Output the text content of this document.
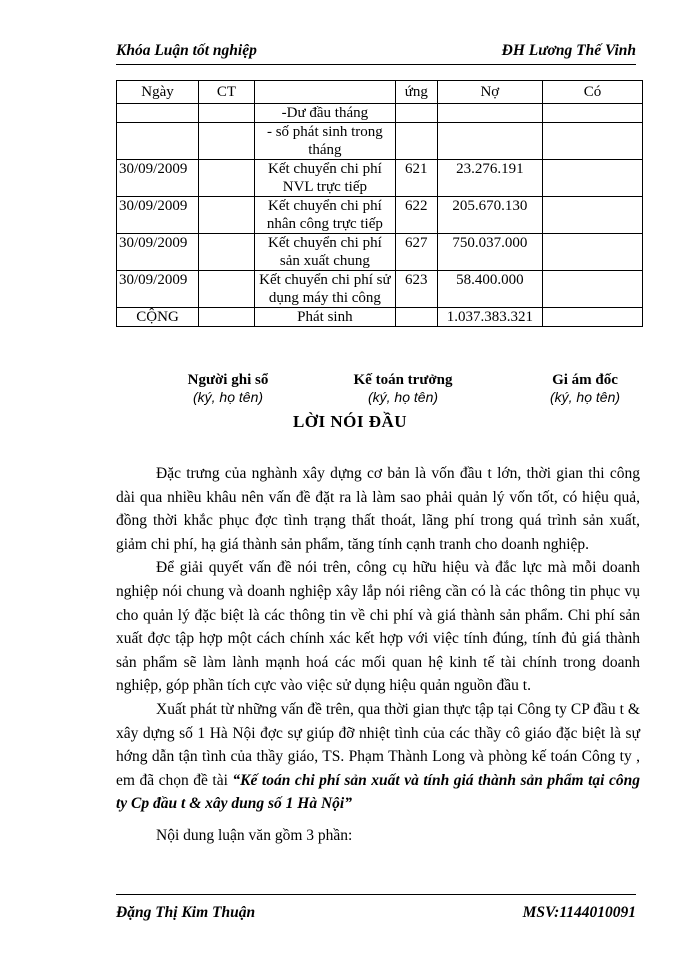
Khóa Luận tốt nghiệp	ĐH Lương Thế Vinh
Ngày	CT		ứng	Nợ	Có
		-Dư đầu tháng			
		- số phát sinh trong tháng			
30/09/2009		Kết chuyển chi phí NVL trực tiếp	621	23.276.191	
30/09/2009		Kết chuyển chi phí nhân công trực tiếp	622	205.670.130	
30/09/2009		Kết chuyển chi phí sản xuất chung	627	750.037.000	
30/09/2009		Kết chuyển chi phí sử dụng máy thi công	623	58.400.000	
CỘNG		Phát sinh		1.037.383.321	
Người ghi sổ
(ký, họ tên)
Kế toán trưởng
(ký, họ tên)
Gi ám đốc
(ký, họ tên)
LỜI NÓI ĐẦU

Đặc trưng của nghành xây dựng cơ bản là vốn đầu t lớn, thời gian thi công dài qua nhiều khâu nên vấn đề đặt ra là làm sao phải quản lý vốn tốt, có hiệu quả, đồng thời khắc phục đợc tình trạng thất thoát, lãng phí trong quá trình sản xuất, giảm chi phí, hạ giá thành sản phẩm, tăng tính cạnh tranh cho doanh nghiệp.

Để giải quyết vấn đề nói trên, công cụ hữu hiệu và đắc lực mà mỗi doanh nghiệp nói chung và doanh nghiệp xây lắp nói riêng cần có là các thông tin phục vụ cho quản lý đặc biệt là các thông tin về chi phí và giá thành sản phẩm. Chi phí sản xuất đợc tập hợp một cách chính xác kết hợp với việc tính đúng, tính đủ giá thành sản phẩm sẽ làm lành mạnh hoá các mối quan hệ kinh tế tài chính trong doanh nghiệp, góp phần tích cực vào việc sử dụng hiệu quản nguồn đầu t.

Xuất phát từ những vấn đề trên, qua thời gian thực tập tại Công ty CP đầu t & xây dựng số 1 Hà Nội đợc sự giúp đỡ nhiệt tình của các thầy cô giáo đặc biệt là sự hớng dẫn tận tình của thầy giáo, TS. Phạm Thành Long và phòng kế toán Công ty , em đã chọn đề tài “Kế toán chi phí sản xuất và tính giá thành sản phẩm tại công ty Cp đầu t & xây dung số 1 Hà Nội”

Nội dung luận văn gồm 3 phần:

Đặng Thị Kim Thuận	MSV:1144010091
